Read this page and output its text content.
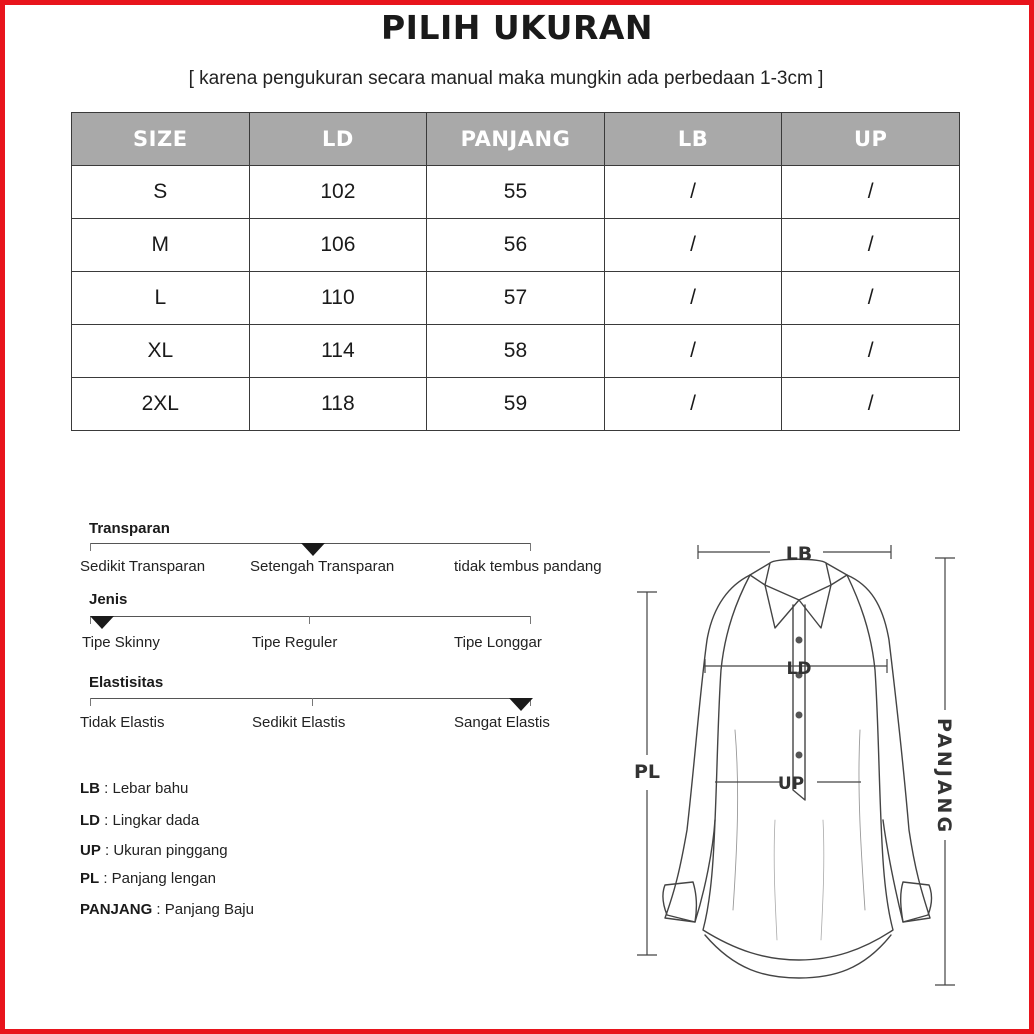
PILIH UKURAN
[ karena pengukuran secara manual maka mungkin ada perbedaan 1-3cm ]
SIZE	LD	PANJANG	LB	UP
S	102	55	/	/
M	106	56	/	/
L	110	57	/	/
XL	114	58	/	/
2XL	118	59	/	/
Transparan
Sedikit Transparan	Setengah Transparan	tidak tembus pandang
Jenis
Tipe Skinny	Tipe Reguler	Tipe Longgar
Elastisitas
Tidak Elastis	Sedikit Elastis	Sangat Elastis
LB : Lebar bahu
LD : Lingkar dada
UP : Ukuran pinggang
PL : Panjang lengan
PANJANG : Panjang Baju
LB
LD
UP
PL	PANJANG
